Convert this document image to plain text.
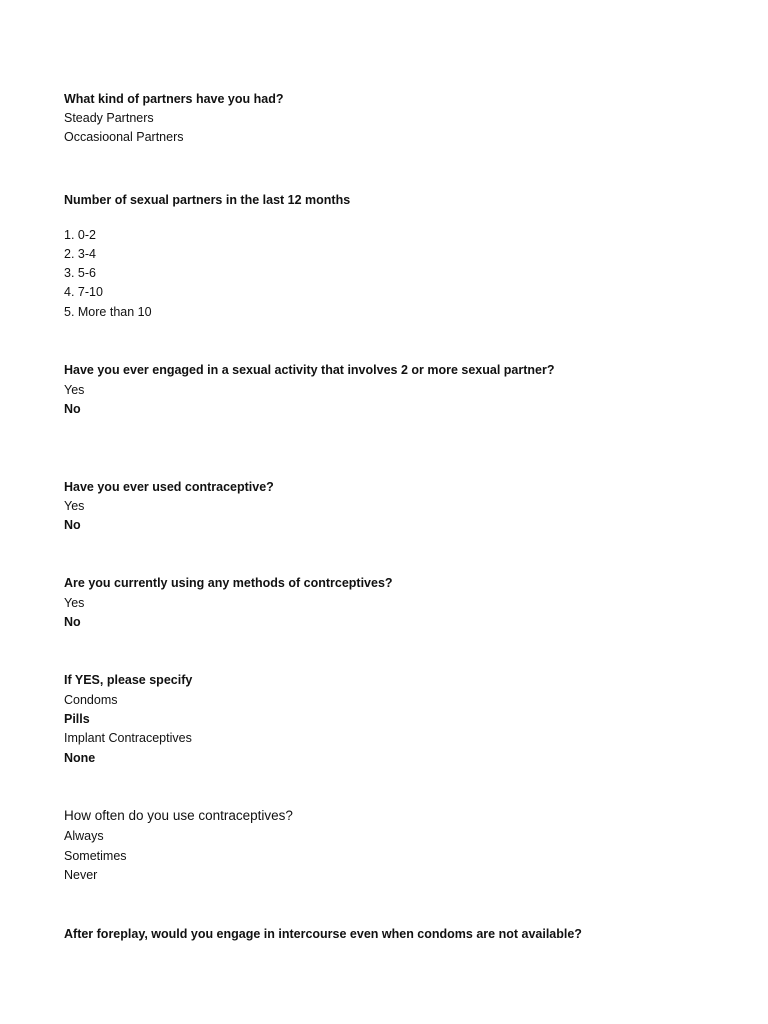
What kind of partners have you had?
Steady Partners
Occasioonal Partners
Number of sexual partners in the last 12 months
1. 0-2
2. 3-4
3. 5-6
4. 7-10
5. More than 10
Have you ever engaged in a sexual activity that involves 2 or more sexual partner?
Yes
No
Have you ever used contraceptive?
Yes
No
Are you currently using any methods of contrceptives?
Yes
No
If YES, please specify
Condoms
Pills
Implant Contraceptives
None
How often do you use contraceptives?
Always
Sometimes
Never
After foreplay, would you engage in intercourse even when condoms are not available?
